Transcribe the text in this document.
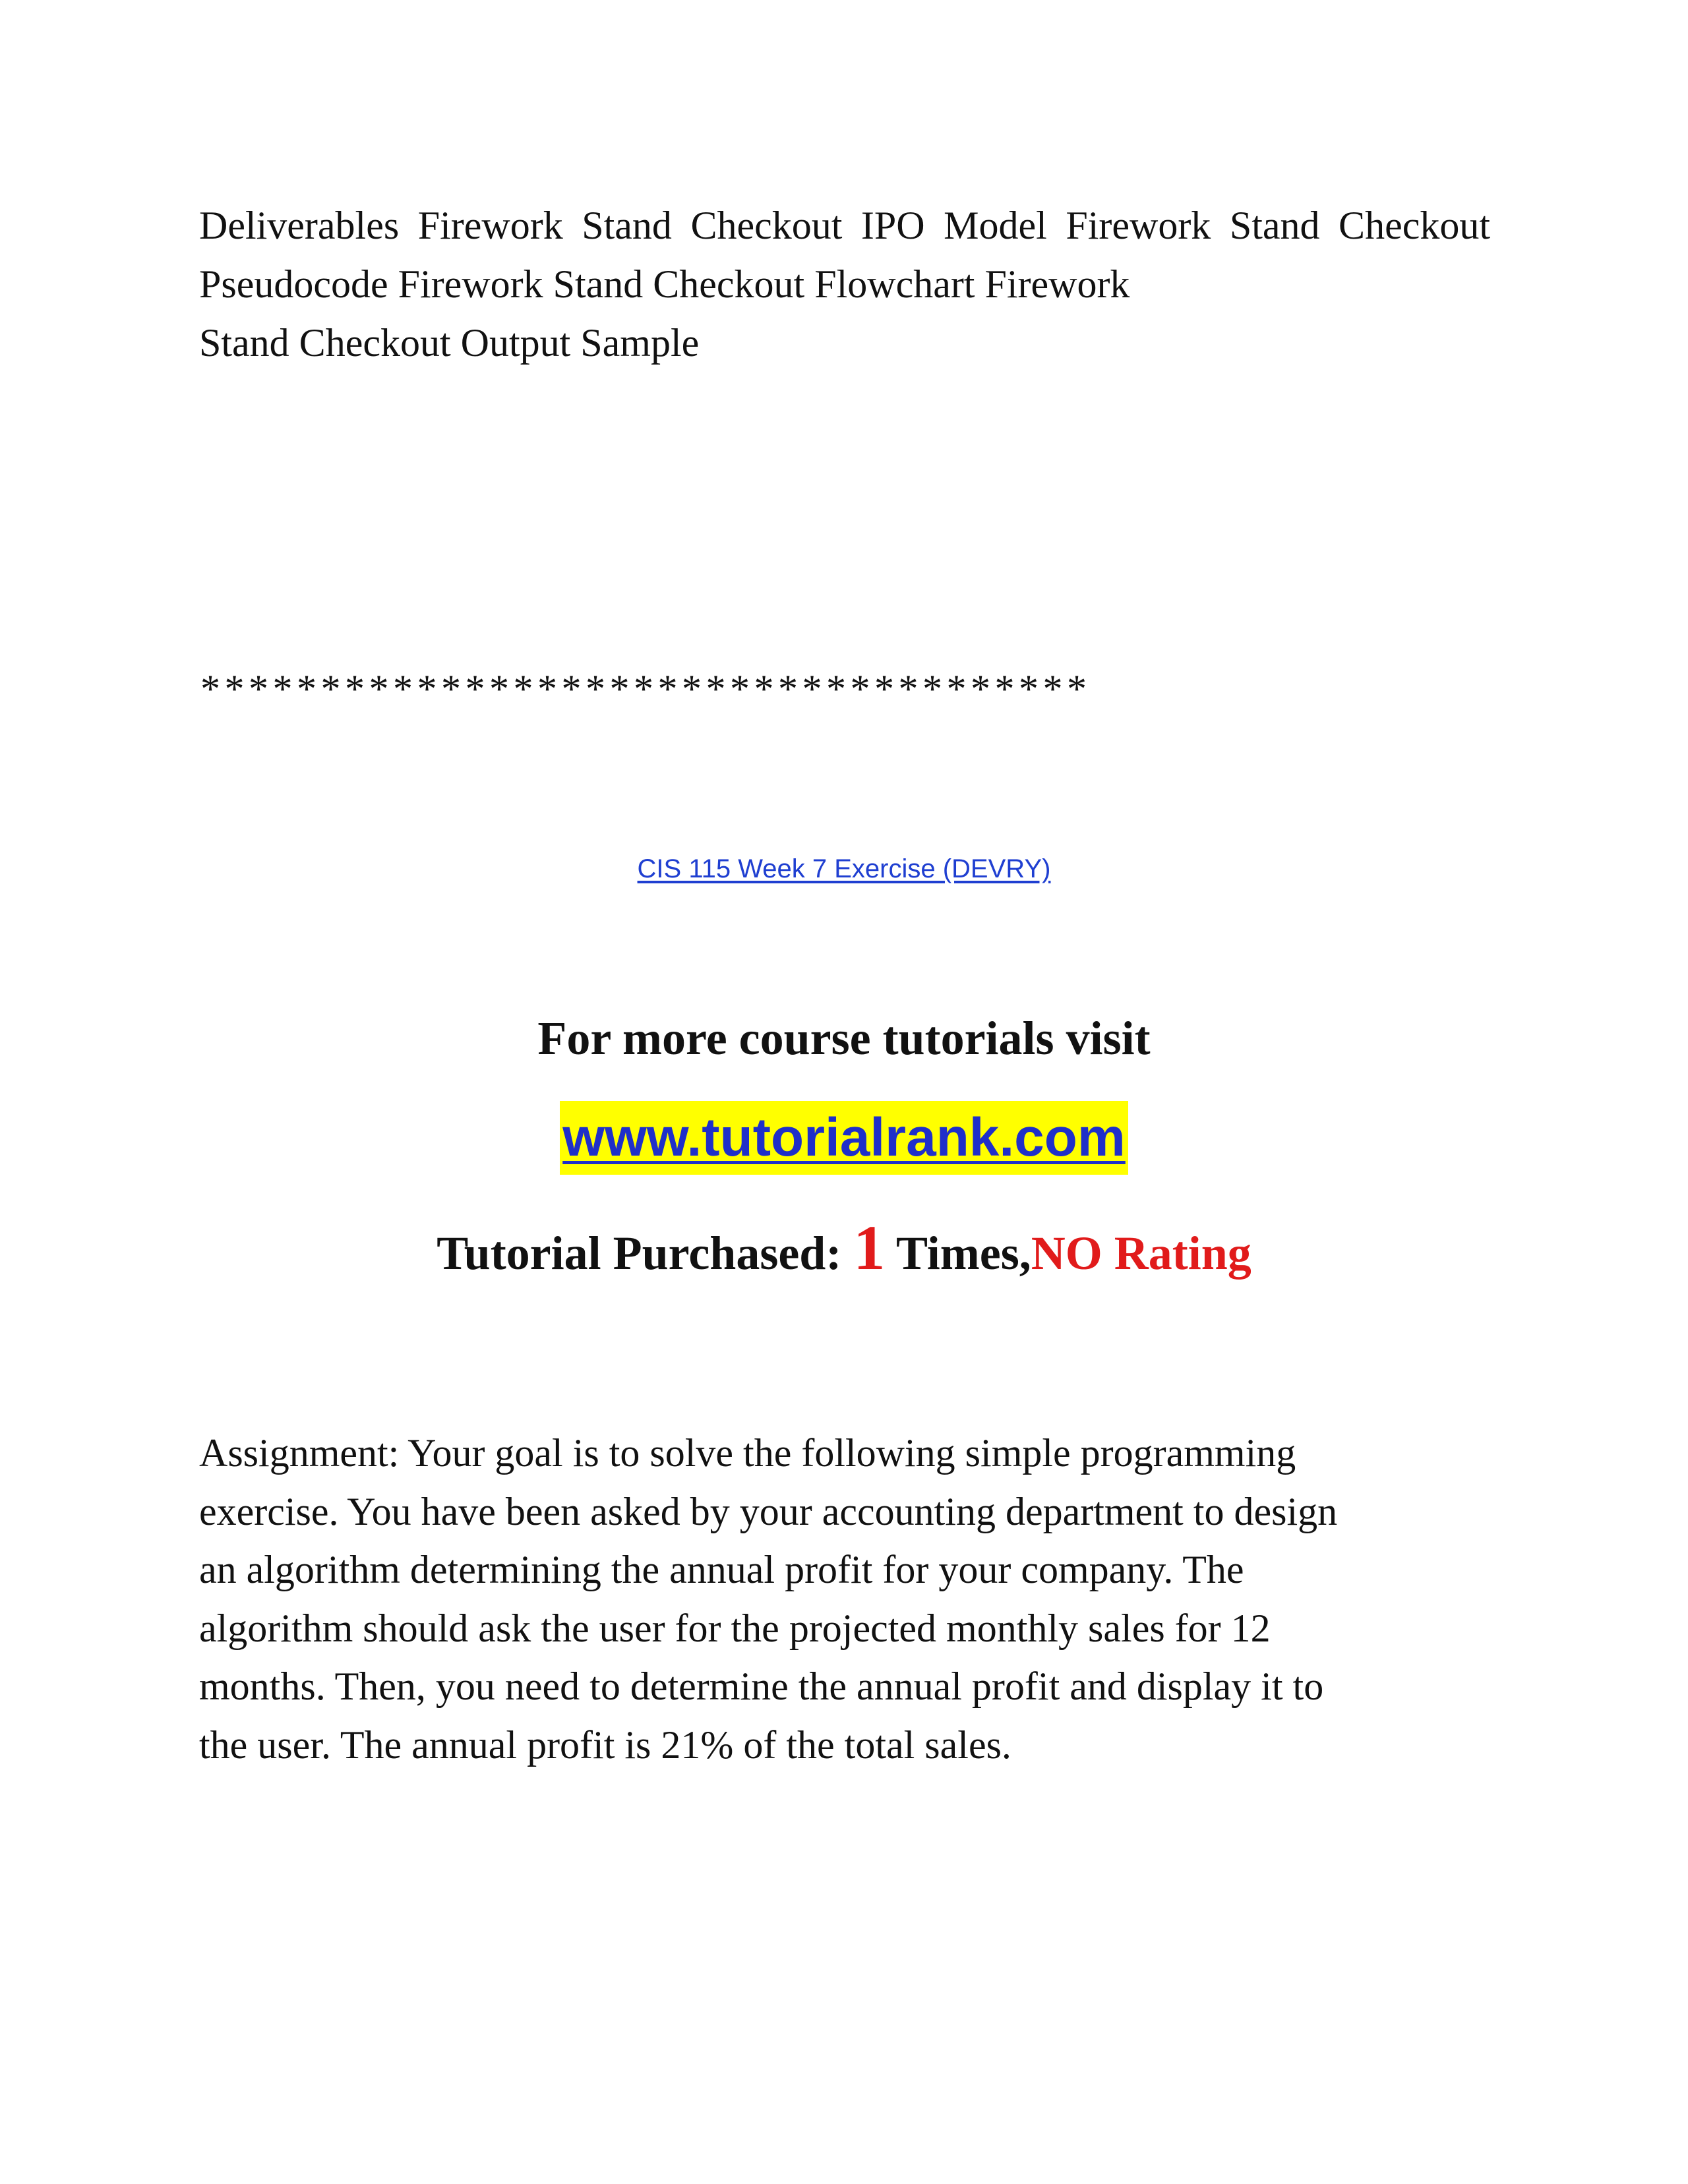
Deliverables Firework Stand Checkout IPO Model Firework Stand Checkout Pseudocode Firework Stand Checkout Flowchart Firework

Stand Checkout Output Sample

*************************************
CIS 115 Week 7 Exercise (DEVRY)
For more course tutorials visit
www.tutorialrank.com
Tutorial Purchased: 1 Times,NO Rating
Assignment: Your goal is to solve the following simple programming
exercise. You have been asked by your accounting department to design
an algorithm determining the annual profit for your company. The
algorithm should ask the user for the projected monthly sales for 12
months. Then, you need to determine the annual profit and display it to
the user. The annual profit is 21% of the total sales.
